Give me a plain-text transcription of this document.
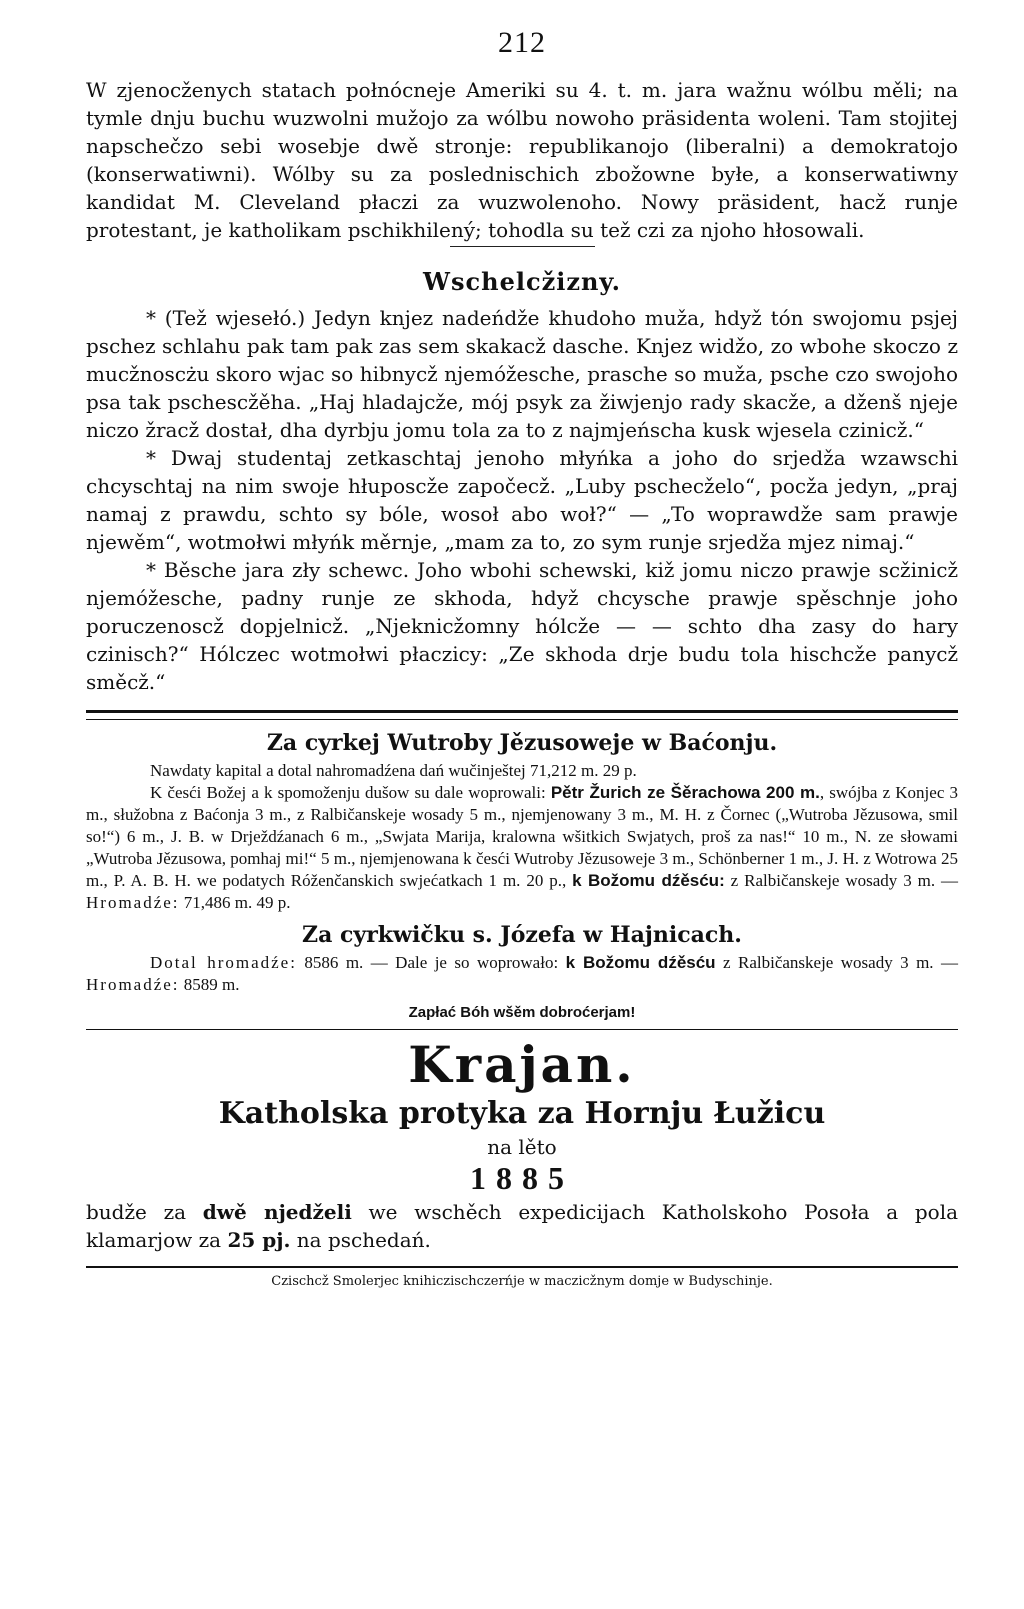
212

W zjenocženych statach połnócneje Ameriki su 4. t. m. jara wažnu wólbu měli; na tymle dnju buchu wuzwolni mužojo za wólbu nowoho präsidenta woleni. Tam stojitej napschečzo sebi wosebje dwě stronje: republikanojo (liberalni) a demokratojo (konserwatiwni). Wólby su za poslednischich zbožowne byłe, a konserwatiwny kandidat M. Cleveland płaczi za wuzwolenoho. Nowy präsident, hacž runje protestant, je katholikam pschikhilený; tohodla su tež czi za njoho hłosowali.

Wschelcžizny.

* (Tež wjesełó.) Jedyn knjez nadeńdže khudoho muža, hdyž tón swojomu psjej pschez schlahu pak tam pak zas sem skakacž dasche. Knjez widžo, zo wbohe skoczo z mucžnoscżu skoro wjac so hibnycž njemóžesche, prasche so muža, psche czo swojoho psa tak pschescžěha. „Haj hladajcže, mój psyk za žiwjenjo rady skacže, a dženš njeje niczo žracž dostał, dha dyrbju jomu tola za to z najmjeńscha kusk wjesela czinicž.“

* Dwaj studentaj zetkaschtaj jenoho młyńka a joho do srjedža wzawschi chcyschtaj na nim swoje hłuposcže započecž. „Luby pschecželo“, pocža jedyn, „praj namaj z prawdu, schto sy bóle, wosoł abo woł?“ — „To woprawdže sam prawje njewěm“, wotmołwi młyńk měrnje, „mam za to, zo sym runje srjedža mjez nimaj.“

* Běsche jara zły schewc. Joho wbohi schewski, kiž jomu niczo prawje scžinicž njemóžesche, padny runje ze skhoda, hdyž chcysche prawje spěschnje joho poruczenoscž dopjelnicž. „Njeknicžomny hólcže — — schto dha zasy do hary czinisch?“ Hólczec wotmołwi płaczicy: „Ze skhoda drje budu tola hischcže panycž směcž.“

Za cyrkej Wutroby Jězusoweje w Baćonju.

Nawdaty kapital a dotal nahromadźena dań wučinještej 71,212 m. 29 p.

K česći Božej a k spomoženju dušow su dale woprowali: Pětr Žurich ze Šěrachowa 200 m., swójba z Konjec 3 m., słužobna z Baćonja 3 m., z Ralbičanskeje wosady 5 m., njemjenowany 3 m., M. H. z Čornec („Wutroba Jězusowa, smil so!“) 6 m., J. B. w Drježdźanach 6 m., „Swjata Marija, kralowna wšitkich Swjatych, proš za nas!“ 10 m., N. ze słowami „Wutroba Jězusowa, pomhaj mi!“ 5 m., njemjenowana k česći Wutroby Jězusoweje 3 m., Schönberner 1 m., J. H. z Wotrowa 25 m., P. A. B. H. we podatych Róženčanskich swjećatkach 1 m. 20 p., k Božomu dźěsću: z Ralbičanskeje wosady 3 m. — Hromadźe: 71,486 m. 49 p.

Za cyrkwičku s. Józefa w Hajnicach.

Dotal hromadźe: 8586 m. — Dale je so woprowało: k Božomu dźěsću z Ralbičanskeje wosady 3 m. — Hromadźe: 8589 m.

Zapłać Bóh wšěm dobroćerjam!
Krajan.
Katholska protyka za Hornju Łužicu
na lěto
1885

budže za dwě njedželi we wschěch expedicijach Katholskoho Posoła a pola klamarjow za 25 pj. na pschedań.

Czischcž Smolerjec knihiczischczerńje w maczicžnym domje w Budyschinje.
